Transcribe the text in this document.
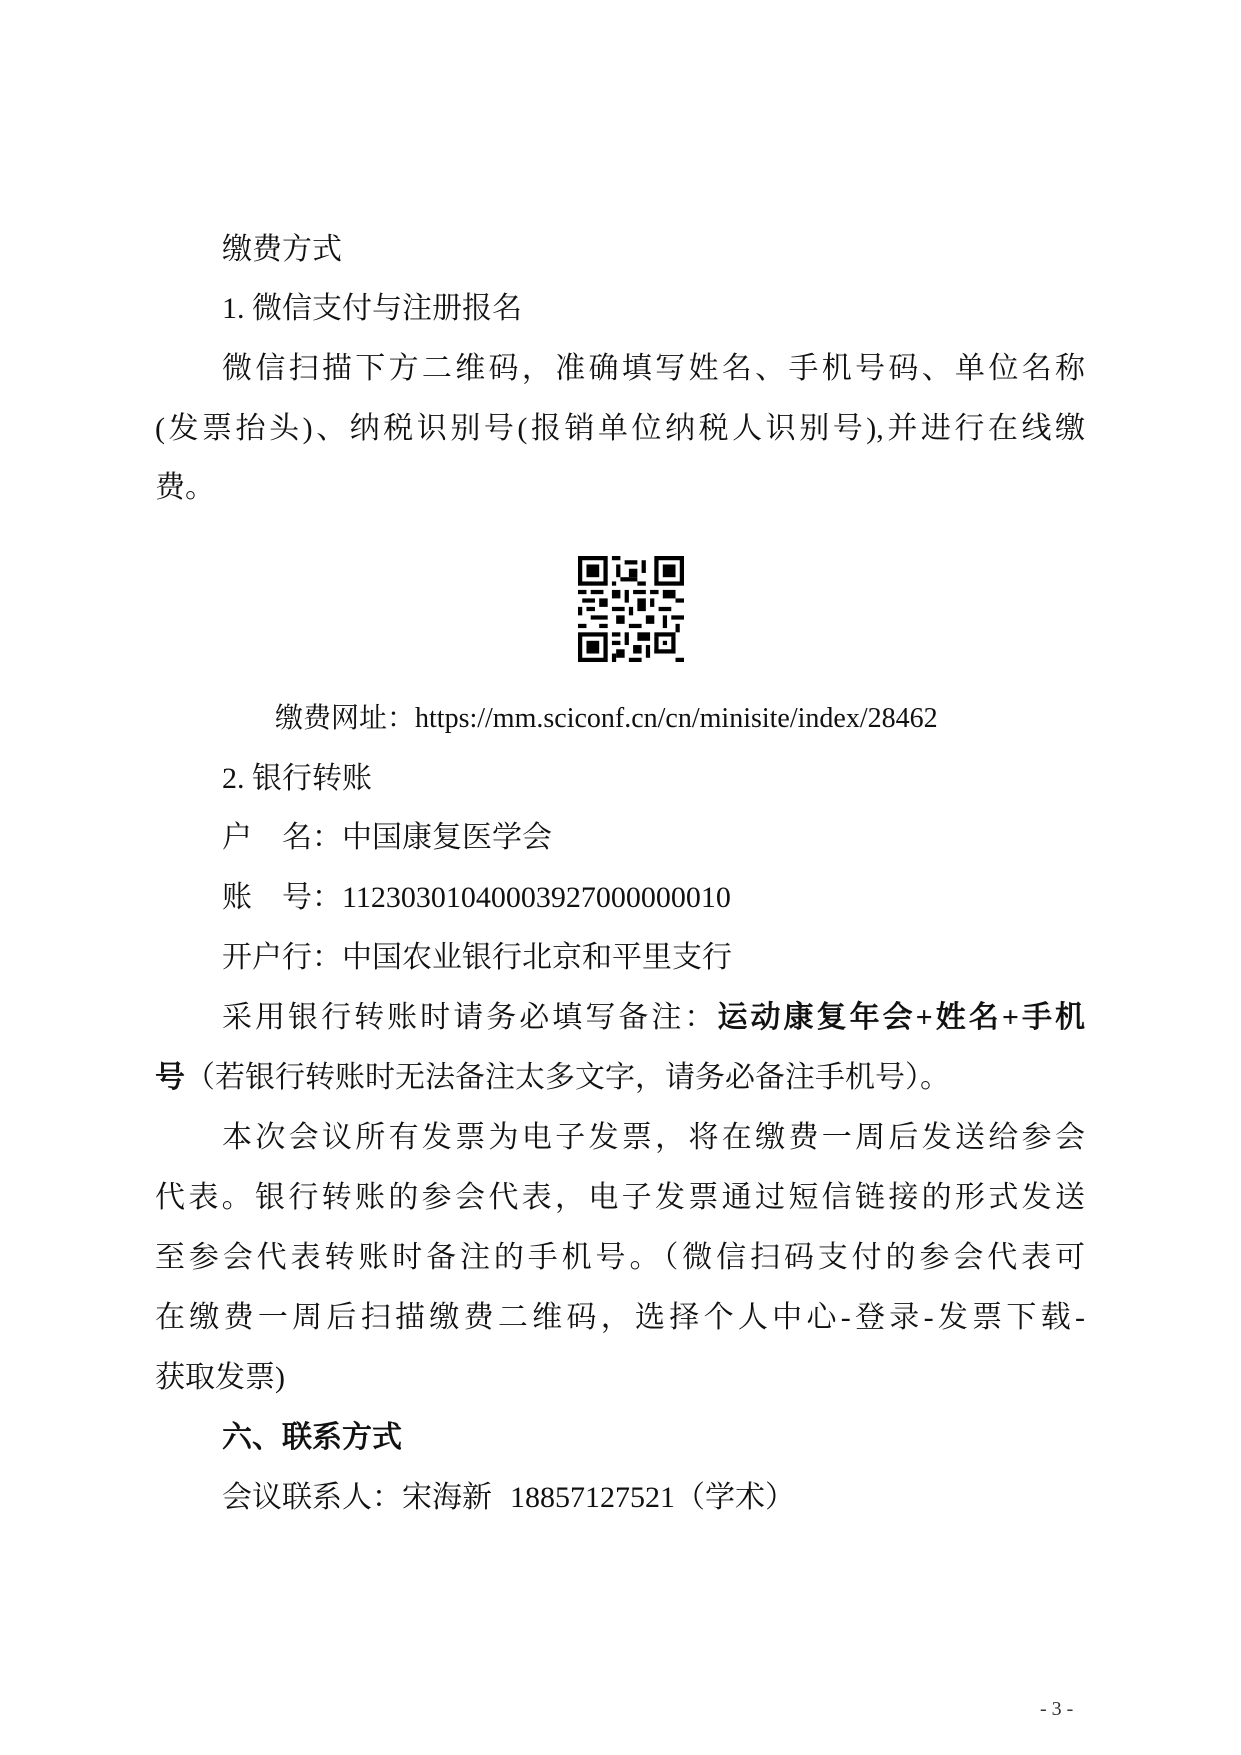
缴费方式
1. 微信支付与注册报名
微信扫描下方二维码，准确填写姓名、手机号码、单位名称
(发票抬头)、纳税识别号(报销单位纳税人识别号),并进行在线缴
费。
缴费网址：https://mm.sciconf.cn/cn/minisite/index/28462
2. 银行转账
户　名：中国康复医学会
账　号：11230301040003927000000010
开户行：中国农业银行北京和平里支行
采用银行转账时请务必填写备注：运动康复年会+姓名+手机
号（若银行转账时无法备注太多文字，请务必备注手机号）。
本次会议所有发票为电子发票，将在缴费一周后发送给参会
代表。银行转账的参会代表，电子发票通过短信链接的形式发送
至参会代表转账时备注的手机号。（微信扫码支付的参会代表可
在缴费一周后扫描缴费二维码，选择个人中心-登录-发票下载-
获取发票)
六、联系方式
会议联系人：宋海新 18857127521（学术）
- 3 -
